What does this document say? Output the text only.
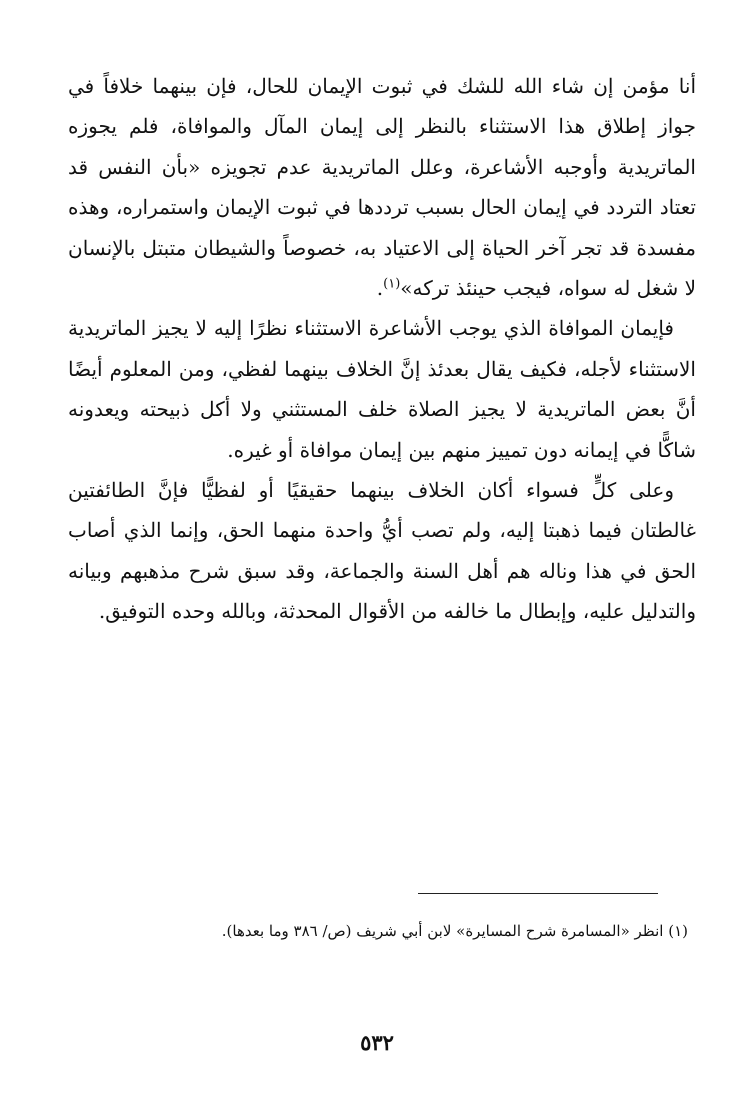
أنا مؤمن إن شاء الله للشك في ثبوت الإيمان للحال، فإن بينهما خلافاً في جواز إطلاق هذا الاستثناء بالنظر إلى إيمان المآل والموافاة، فلم يجوزه الماتريدية وأوجبه الأشاعرة، وعلل الماتريدية عدم تجويزه «بأن النفس قد تعتاد التردد في إيمان الحال بسبب ترددها في ثبوت الإيمان واستمراره، وهذه مفسدة قد تجر آخر الحياة إلى الاعتياد به، خصوصاً والشيطان متبتل بالإنسان لا شغل له سواه، فيجب حينئذ تركه»$^{(١)}$.

فإيمان الموافاة الذي يوجب الأشاعرة الاستثناء نظرًا إليه لا يجيز الماتريدية الاستثناء لأجله، فكيف يقال بعدئذ إنَّ الخلاف بينهما لفظي، ومن المعلوم أيضًا أنَّ بعض الماتريدية لا يجيز الصلاة خلف المستثني ولا أكل ذبيحته ويعدونه شاكًّا في إيمانه دون تمييز منهم بين إيمان موافاة أو غيره.

وعلى كلٍّ فسواء أكان الخلاف بينهما حقيقيًا أو لفظيًّا فإنَّ الطائفتين غالطتان فيما ذهبتا إليه، ولم تصب أيُّ واحدة منهما الحق، وإنما الذي أصاب الحق في هذا وناله هم أهل السنة والجماعة، وقد سبق شرح مذهبهم وبيانه والتدليل عليه، وإبطال ما خالفه من الأقوال المحدثة، وبالله وحده التوفيق.

(١) انظر «المسامرة شرح المسايرة» لابن أبي شريف (ص/ ٣٨٦ وما بعدها).
٥٣٢
